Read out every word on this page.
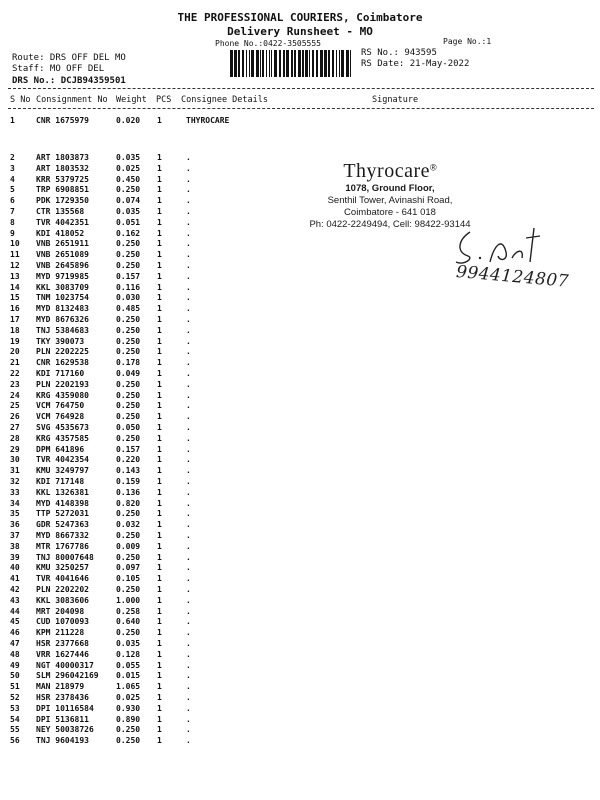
THE PROFESSIONAL COURIERS, Coimbatore
Delivery Runsheet - MO
Phone No.:0422-3505555	Page No.:1
Route: DRS OFF DEL MO
Staff: MO OFF DEL
DRS No.: DCJB94359501
RS No.: 943595
RS Date: 21-May-2022
S No Consignment No Weight PCS Consignee Details	Signature
1	CNR 1675979	0.020 1	THYROCARE
2	ART 1803873	0.035 1	.
3	ART 1803532	0.025 1	.
4	KRR 5379725	0.450 1	.
5	TRP 6908851	0.250 1	.
6	PDK 1729350	0.074 1	.
7	CTR 135568	0.035 1	.
8	TVR 4042351	0.051 1	.
9	KDI 418052	0.162 1	.
10 VNB 2651911	0.250 1	.
11 VNB 2651089	0.250 1	.
12 VNB 2645896	0.250 1	.
13 MYD 9719985	0.157 1	.
14 KKL 3083709	0.116 1	.
15 TNM 1023754	0.030 1	.
16 MYD 8132483	0.485 1	.
17 MYD 8676326	0.250 1	.
18 TNJ 5384683	0.250 1	.
19 TKY 390073	0.250 1	.
20 PLN 2202225	0.250 1	.
21 CNR 1629538	0.178 1	.
22 KDI 717160	0.049 1	.
23 PLN 2202193	0.250 1	.
24 KRG 4359080	0.250 1	.
25 VCM 764750	0.250 1	.
26 VCM 764928	0.250 1	.
27 SVG 4535673	0.050 1	.
28 KRG 4357585	0.250 1	.
29 DPM 641896	0.157 1	.
30 TVR 4042354	0.220 1	.
31 KMU 3249797	0.143 1	.
32 KDI 717148	0.159 1	.
33 KKL 1326381	0.136 1	.
34 MYD 4148398	0.820 1	.
35 TTP 5272031	0.250 1	.
36 GDR 5247363	0.032 1	.
37 MYD 8667332	0.250 1	.
38 MTR 1767786	0.009 1	.
39 TNJ 80007648	0.250 1	.
40 KMU 3250257	0.097 1	.
41 TVR 4041646	0.105 1	.
42 PLN 2202202	0.250 1	.
43 KKL 3083606	1.000 1	.
44 MRT 204098	0.258 1	.
45 CUD 1070093	0.640 1	.
46 KPM 211228	0.250 1	.
47 HSR 2377668	0.035 1	.
48 VRR 1627446	0.128 1	.
49 NGT 40000317	0.055 1	.
50 SLM 296042169 0.015 1	.
51 MAN 218979	1.065 1	.
52 HSR 2378436	0.025 1	.
53 DPI 10116584	0.930 1	.
54 DPI 5136811	0.890 1	.
55 NEY 50038726	0.250 1	.
56 TNJ 9604193	0.250 1	.
Thyrocare®
1078, Ground Floor,
Senthil Tower, Avinashi Road,
Coimbatore - 641 018
Ph: 0422-2249494, Cell: 98422-93144
9944124807
